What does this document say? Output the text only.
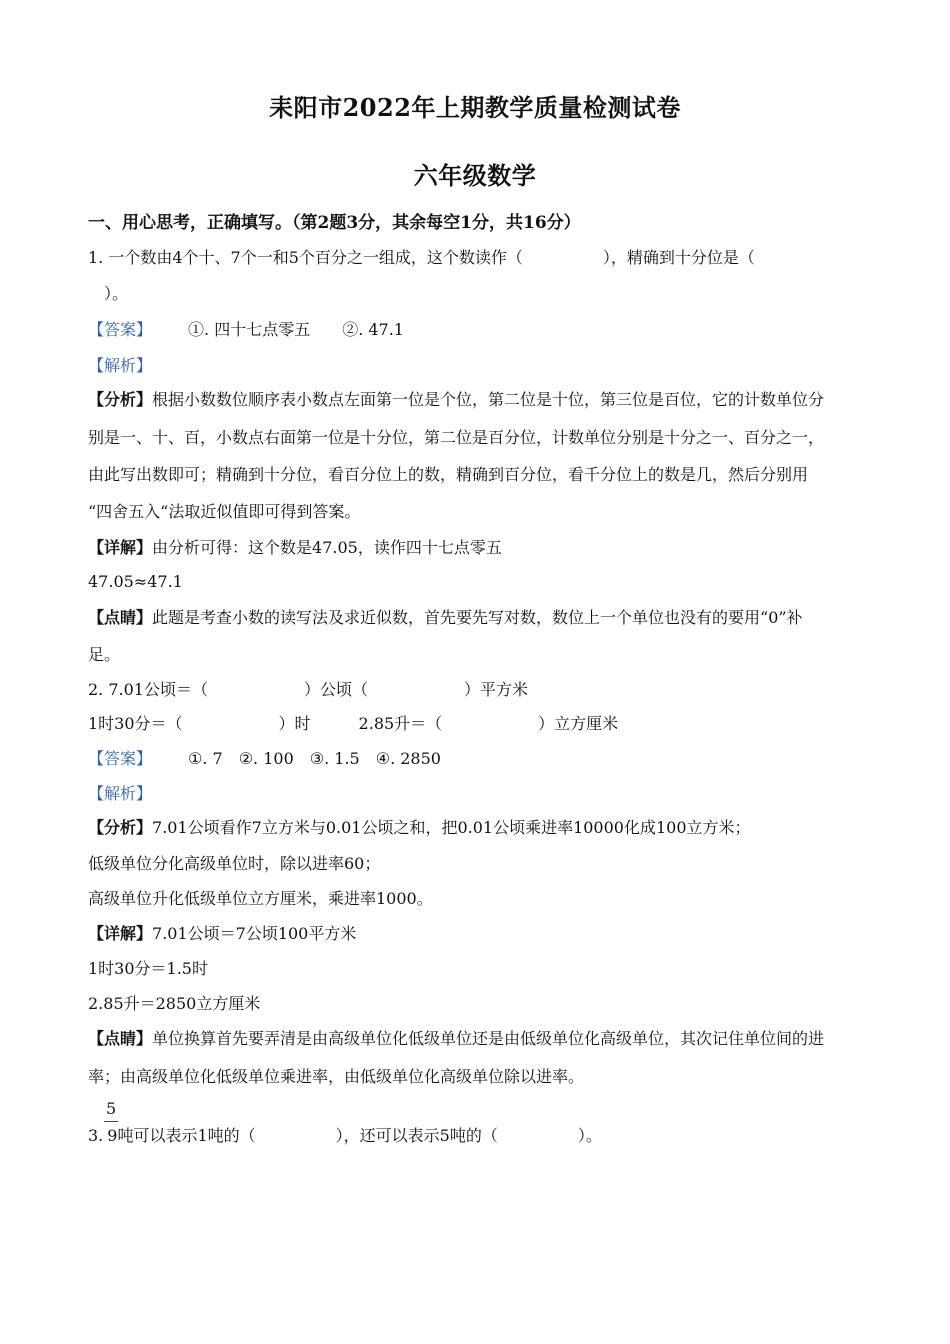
耒阳市2022年上期教学质量检测试卷
六年级数学
一、用心思考，正确填写。（第2题3分，其余每空1分，共16分）
1. 一个数由4个十、7个一和5个百分之一组成，这个数读作（　　　　　），精确到十分位是（
　）。
【答案】 ①. 四十七点零五　　②. 47.1
【解析】
【分析】根据小数数位顺序表小数点左面第一位是个位，第二位是十位，第三位是百位，它的计数单位分
别是一、十、百，小数点右面第一位是十分位，第二位是百分位，计数单位分别是十分之一、百分之一，
由此写出数即可；精确到十分位，看百分位上的数，精确到百分位，看千分位上的数是几，然后分别用
“四舍五入“法取近似值即可得到答案。
【详解】由分析可得：这个数是47.05，读作四十七点零五
47.05≈47.1
【点睛】此题是考查小数的读写法及求近似数，首先要先写对数，数位上一个单位也没有的要用“0”补
足。
2. 7.01公顷＝（　　　　　　）公顷（　　　　　　）平方米
1时30分＝（　　　　　　）时	2.85升＝（　　　　　　）立方厘米
【答案】 ①. 7　②. 100　③. 1.5　④. 2850
【解析】
【分析】7.01公顷看作7立方米与0.01公顷之和，把0.01公顷乘进率10000化成100立方米；
低级单位分化高级单位时，除以进率60；
高级单位升化低级单位立方厘米，乘进率1000。
【详解】7.01公顷＝7公顷100平方米
1时30分＝1.5时
2.85升＝2850立方厘米
【点睛】单位换算首先要弄清是由高级单位化低级单位还是由低级单位化高级单位，其次记住单位间的进
率；由高级单位化低级单位乘进率，由低级单位化高级单位除以进率。
5
3. 9吨可以表示1吨的（　　　　　），还可以表示5吨的（　　　　　）。
